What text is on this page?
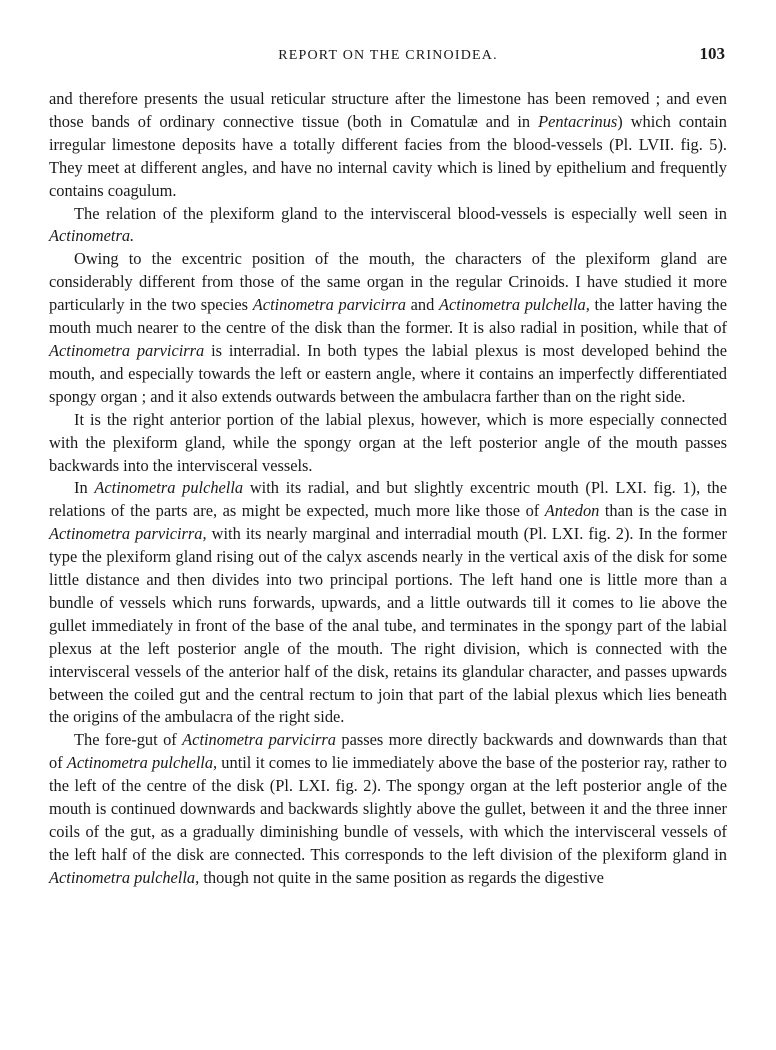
REPORT ON THE CRINOIDEA.	103

and therefore presents the usual reticular structure after the limestone has been removed ; and even those bands of ordinary connective tissue (both in Comatulæ and in Pentacrinus) which contain irregular limestone deposits have a totally different facies from the blood-vessels (Pl. LVII. fig. 5). They meet at different angles, and have no internal cavity which is lined by epithelium and frequently contains coagulum.

The relation of the plexiform gland to the intervisceral blood-vessels is especially well seen in Actinometra.

Owing to the excentric position of the mouth, the characters of the plexiform gland are considerably different from those of the same organ in the regular Crinoids. I have studied it more particularly in the two species Actinometra parvicirra and Actinometra pulchella, the latter having the mouth much nearer to the centre of the disk than the former. It is also radial in position, while that of Actinometra parvicirra is interradial. In both types the labial plexus is most developed behind the mouth, and especially towards the left or eastern angle, where it contains an imperfectly differentiated spongy organ ; and it also extends outwards between the ambulacra farther than on the right side.

It is the right anterior portion of the labial plexus, however, which is more especially connected with the plexiform gland, while the spongy organ at the left posterior angle of the mouth passes backwards into the intervisceral vessels.

In Actinometra pulchella with its radial, and but slightly excentric mouth (Pl. LXI. fig. 1), the relations of the parts are, as might be expected, much more like those of Antedon than is the case in Actinometra parvicirra, with its nearly marginal and interradial mouth (Pl. LXI. fig. 2). In the former type the plexiform gland rising out of the calyx ascends nearly in the vertical axis of the disk for some little distance and then divides into two principal portions. The left hand one is little more than a bundle of vessels which runs forwards, upwards, and a little outwards till it comes to lie above the gullet immediately in front of the base of the anal tube, and terminates in the spongy part of the labial plexus at the left posterior angle of the mouth. The right division, which is connected with the intervisceral vessels of the anterior half of the disk, retains its glandular character, and passes upwards between the coiled gut and the central rectum to join that part of the labial plexus which lies beneath the origins of the ambulacra of the right side.

The fore-gut of Actinometra parvicirra passes more directly backwards and downwards than that of Actinometra pulchella, until it comes to lie immediately above the base of the posterior ray, rather to the left of the centre of the disk (Pl. LXI. fig. 2). The spongy organ at the left posterior angle of the mouth is continued downwards and backwards slightly above the gullet, between it and the three inner coils of the gut, as a gradually diminishing bundle of vessels, with which the intervisceral vessels of the left half of the disk are connected. This corresponds to the left division of the plexiform gland in Actinometra pulchella, though not quite in the same position as regards the digestive
